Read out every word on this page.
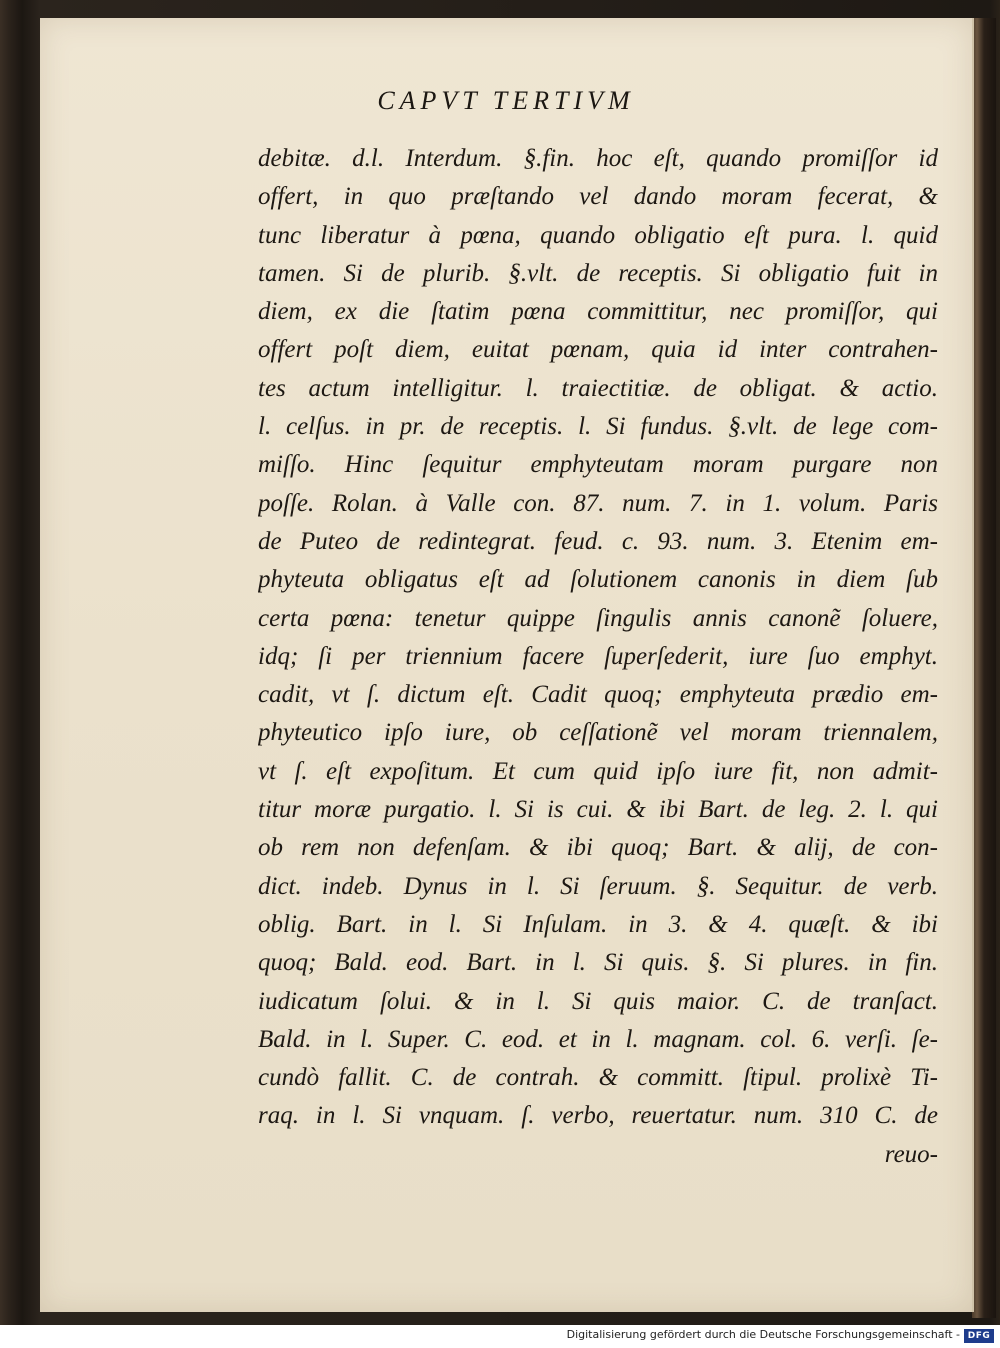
CAPVT TERTIVM
debitæ. d.l. Interdum. §.fin. hoc eſt, quando promiſſor id
offert, in quo præſtando vel dando moram fecerat, &
tunc liberatur à pœna, quando obligatio eſt pura. l. quid
tamen. Si de plurib. §.vlt. de receptis. Si obligatio fuit in
diem, ex die ſtatim pœna committitur, nec promiſſor, qui
offert poſt diem, euitat pœnam, quia id inter contrahen-
tes actum intelligitur. l. traiectitiæ. de obligat. & actio.
l. celſus. in pr. de receptis. l. Si fundus. §.vlt. de lege com-
miſſo. Hinc ſequitur emphyteutam moram purgare non
poſſe. Rolan. à Valle con. 87. num. 7. in 1. volum. Paris
de Puteo de redintegrat. feud. c. 93. num. 3. Etenim em-
phyteuta obligatus eſt ad ſolutionem canonis in diem ſub
certa pœna: tenetur quippe ſingulis annis canonẽ ſoluere,
idq; ſi per triennium facere ſuperſederit, iure ſuo emphyt.
cadit, vt ſ. dictum eſt. Cadit quoq; emphyteuta prædio em-
phyteutico ipſo iure, ob ceſſationẽ vel moram triennalem,
vt ſ. eſt expoſitum. Et cum quid ipſo iure fit, non admit-
titur moræ purgatio. l. Si is cui. & ibi Bart. de leg. 2. l. qui
ob rem non defenſam. & ibi quoq; Bart. & alij, de con-
dict. indeb. Dynus in l. Si ſeruum. §. Sequitur. de verb.
oblig. Bart. in l. Si Inſulam. in 3. & 4. quæſt. & ibi
quoq; Bald. eod. Bart. in l. Si quis. §. Si plures. in fin.
iudicatum ſolui. & in l. Si quis maior. C. de tranſact.
Bald. in l. Super. C. eod. et in l. magnam. col. 6. verſi. ſe-
cundò fallit. C. de contrah. & committ. ſtipul. prolixè Ti-
raq. in l. Si vnquam. ſ. verbo, reuertatur. num. 310 C. de
reuo-
Digitalisierung gefördert durch die Deutsche Forschungsgemeinschaft - DFG
